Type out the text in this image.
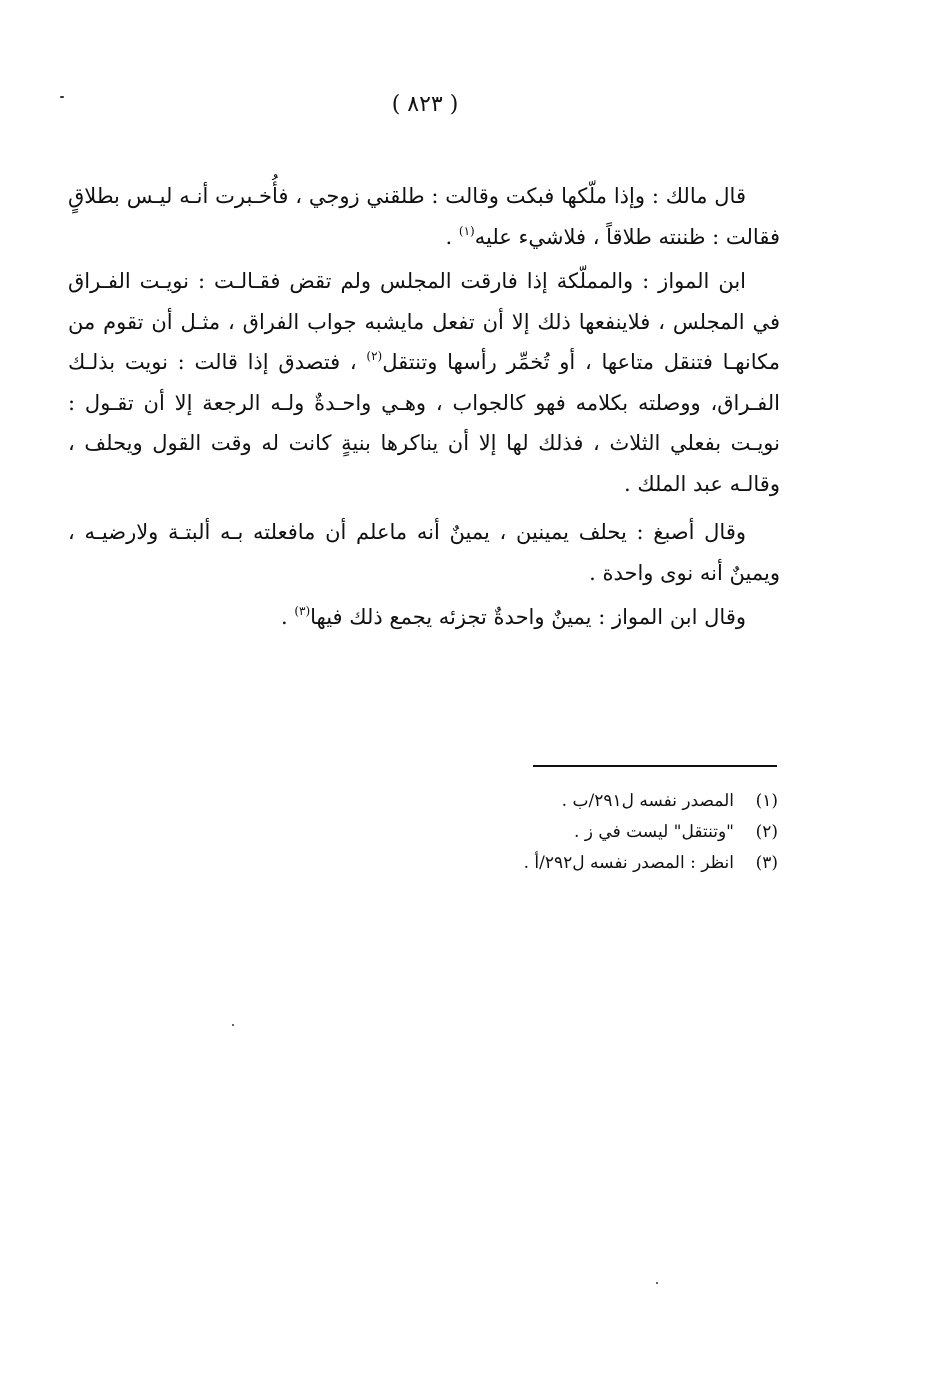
( ٨٢٣ )

قال مالك : وإذا ملّكها فبكت وقالت : طلقني زوجي ، فأُخـبرت أنـه ليـس بطلاقٍ فقالت : ظننته طلاقاً ، فلاشيء عليه$^{(١)}$ .

ابن المواز : والمملّكة إذا فارقت المجلس ولم تقض فقـالـت : نويـت الفـراق في المجلس ، فلاينفعها ذلك إلا أن تفعل مايشبه جواب الفراق ، مثـل أن تقوم من مكانهـا فتنقل متاعها ، أو تُخمِّر رأسها وتنتقل$^{(٢)}$ ، فتصدق إذا قالت : نويت بذلـك الفـراق، ووصلته بكلامه فهو كالجواب ، وهـي واحـدةٌ ولـه الرجعة إلا أن تقـول : نويـت بفعلي الثلاث ، فذلك لها إلا أن يناكرها بنيةٍ كانت له وقت القول ويحلف ، وقالـه عبد الملك .

وقال أصبغ : يحلف يمينين ، يمينٌ أنه ماعلم أن مافعلته بـه ألبتـة ولارضيـه ، ويمينٌ أنه نوى واحدة .

وقال ابن المواز : يمينٌ واحدةٌ تجزئه يجمع ذلك فيها$^{(٣)}$ .

(١)
المصدر نفسه ل٢٩١/ب .
(٢)
"وتنتقل" ليست في ز .
(٣)
انظر : المصدر نفسه ل٢٩٢/أ .
